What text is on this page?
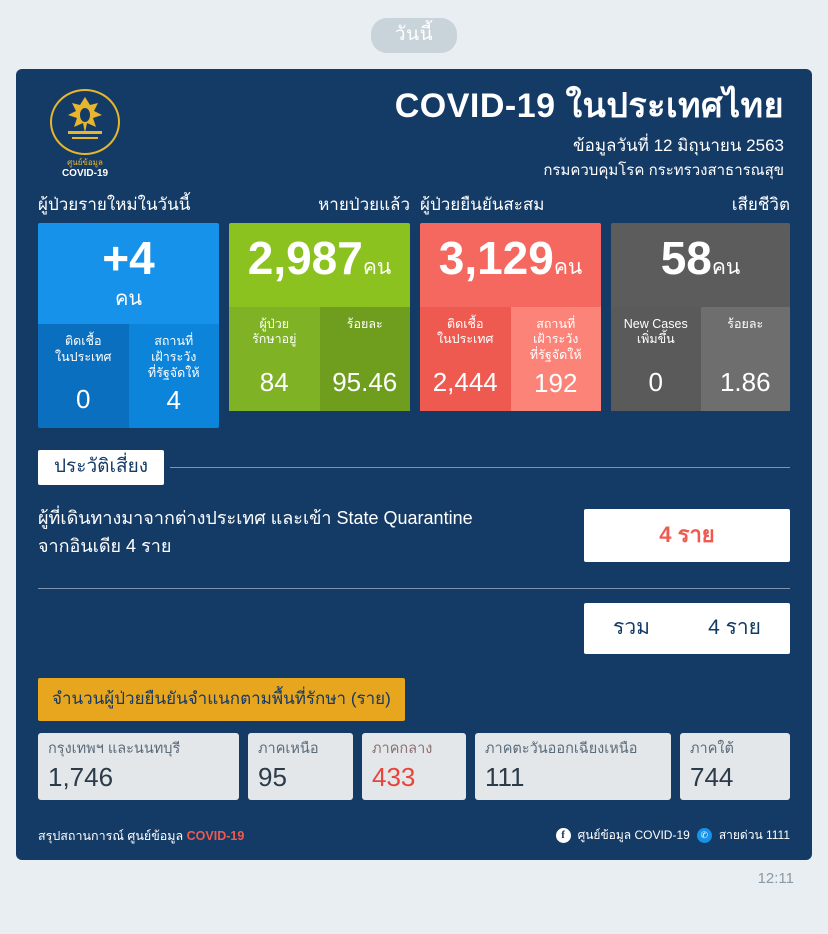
วันนี้
ศูนย์ข้อมูล
COVID-19
COVID-19 ในประเทศไทย
ข้อมูลวันที่ 12 มิถุนายน 2563
กรมควบคุมโรค กระทรวงสาธารณสุข
ผู้ป่วยรายใหม่ในวันนี้	หายป่วยแล้ว ผู้ป่วยยืนยันสะสม	เสียชีวิต
+4
คน
ติดเชื้อ
ในประเทศ
0
สถานที่
เฝ้าระวัง
ที่รัฐจัดให้
4
2,987คน
ผู้ป่วย
รักษาอยู่
84
ร้อยละ
95.46
3,129คน
ติดเชื้อ
ในประเทศ
2,444
สถานที่
เฝ้าระวัง
ที่รัฐจัดให้
192
58คน
New Cases
เพิ่มขึ้น
0
ร้อยละ
1.86
ประวัติเสี่ยง
ผู้ที่เดินทางมาจากต่างประเทศ และเข้า State Quarantine
จากอินเดีย 4 ราย	4 ราย
รวม	4 ราย
จำนวนผู้ป่วยยืนยันจำแนกตามพื้นที่รักษา (ราย)
กรุงเทพฯ และนนทบุรี
1,746
ภาคเหนือ
95
ภาคกลาง
433
ภาคตะวันออกเฉียงเหนือ
111
ภาคใต้
744
สรุปสถานการณ์ ศูนย์ข้อมูล COVID-19	f	ศูนย์ข้อมูล COVID-19	✆ สายด่วน 1111
12:11
